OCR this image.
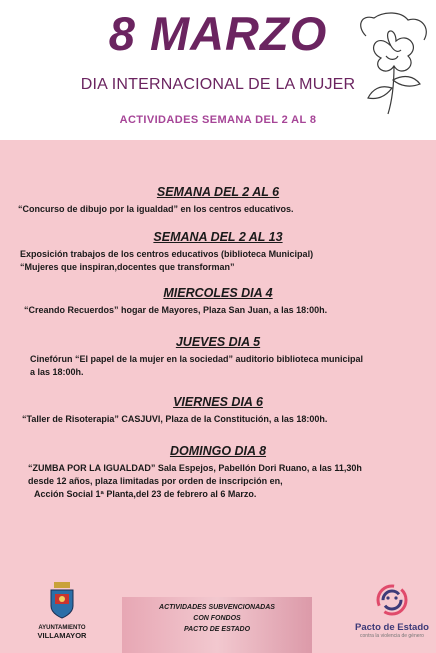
8 MARZO
DIA INTERNACIONAL DE LA MUJER
ACTIVIDADES SEMANA DEL 2 AL 8
SEMANA DEL 2 AL 6
“Concurso de dibujo por la igualdad” en los centros educativos.
SEMANA DEL 2 AL 13
Exposición trabajos de los centros educativos (biblioteca Municipal)
“Mujeres que inspiran,docentes que transforman”
MIERCOLES DIA 4
“Creando Recuerdos” hogar de Mayores, Plaza San Juan, a las 18:00h.
JUEVES DIA 5
Cinefórun “El papel de la mujer en la sociedad” auditorio biblioteca municipal
a las 18:00h.
VIERNES DIA 6
“Taller de Risoterapia” CASJUVI, Plaza de la Constitución, a las 18:00h.
DOMINGO DIA 8
“ZUMBA POR LA IGUALDAD” Sala Espejos, Pabellón Dori Ruano, a las 11,30h
desde 12 años, plaza limitadas por orden de inscripción en,
Acción Social 1ª Planta,del 23 de febrero al 6 Marzo.
AYUNTAMIENTO
VILLAMAYOR
ACTIVIDADES SUBVENCIONADAS
CON FONDOS
PACTO DE ESTADO	Pacto de Estado
contra la violencia de género
